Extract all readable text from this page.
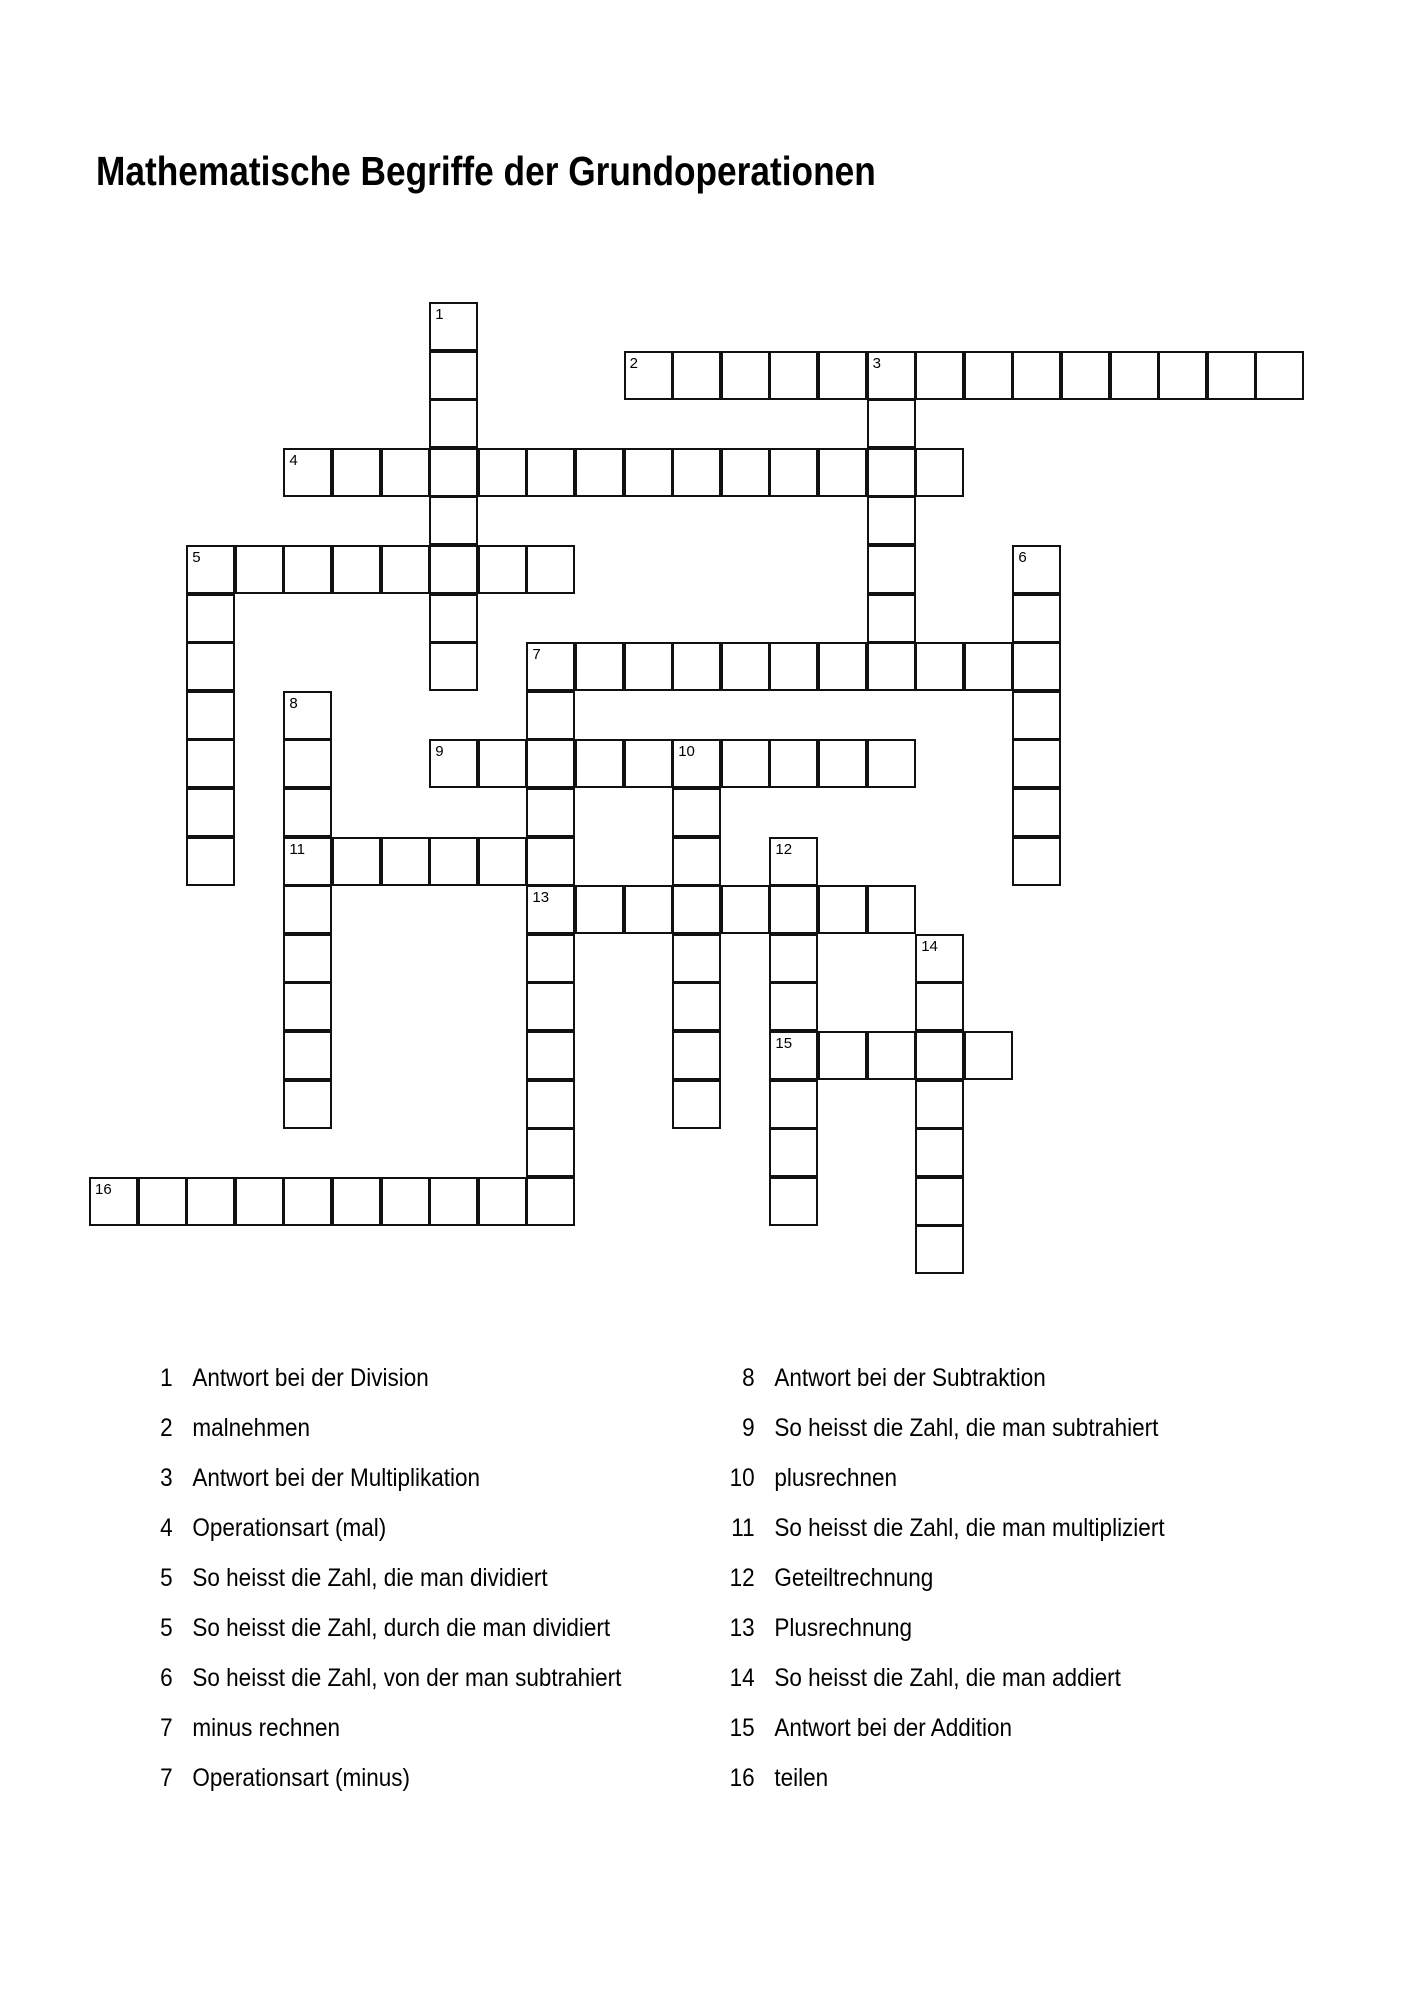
Mathematische Begriffe der Grundoperationen
1
2	3
4
5	6
7
13
8
11
9	10
12
15
14
16
1 Antwort bei der Division
2 malnehmen
3 Antwort bei der Multiplikation
4 Operationsart (mal)
5 So heisst die Zahl, die man dividiert
5 So heisst die Zahl, durch die man dividiert
6 So heisst die Zahl, von der man subtrahiert
7 minus rechnen
7 Operationsart (minus)
8 Antwort bei der Subtraktion
9 So heisst die Zahl, die man subtrahiert
10 plusrechnen
11 So heisst die Zahl, die man multipliziert
12 Geteiltrechnung
13 Plusrechnung
14 So heisst die Zahl, die man addiert
15 Antwort bei der Addition
16 teilen
